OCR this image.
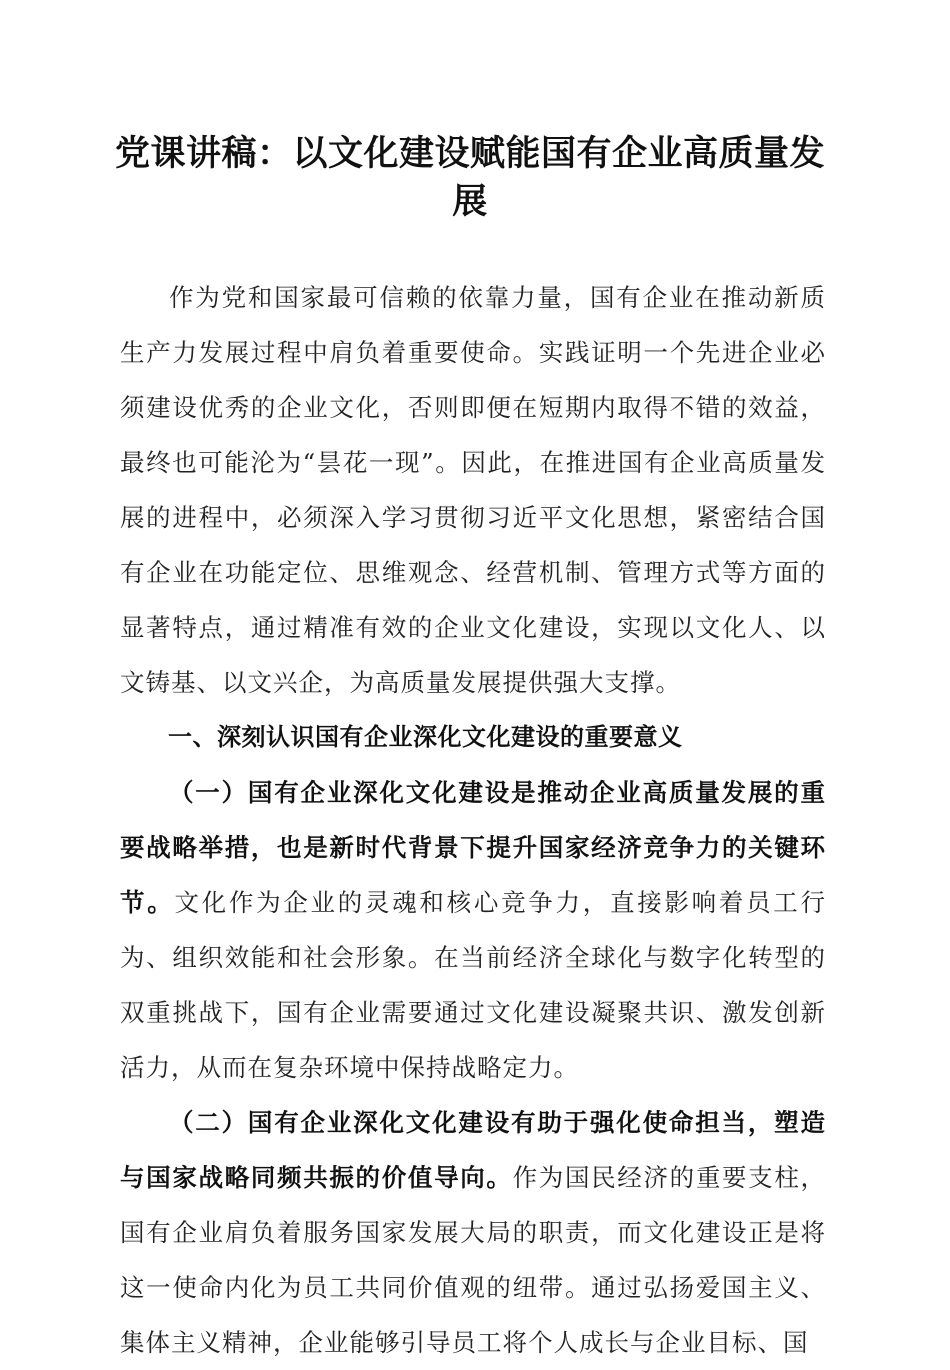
党课讲稿：以文化建设赋能国有企业高质量发展

作为党和国家最可信赖的依靠力量，国有企业在推动新质生产力发展过程中肩负着重要使命。实践证明一个先进企业必须建设优秀的企业文化，否则即便在短期内取得不错的效益，最终也可能沦为“昙花一现”。因此，在推进国有企业高质量发展的进程中，必须深入学习贯彻习近平文化思想，紧密结合国有企业在功能定位、思维观念、经营机制、管理方式等方面的显著特点，通过精准有效的企业文化建设，实现以文化人、以文铸基、以文兴企，为高质量发展提供强大支撑。

一、深刻认识国有企业深化文化建设的重要意义

（一）国有企业深化文化建设是推动企业高质量发展的重要战略举措，也是新时代背景下提升国家经济竞争力的关键环节。文化作为企业的灵魂和核心竞争力，直接影响着员工行为、组织效能和社会形象。在当前经济全球化与数字化转型的双重挑战下，国有企业需要通过文化建设凝聚共识、激发创新活力，从而在复杂环境中保持战略定力。

（二）国有企业深化文化建设有助于强化使命担当，塑造与国家战略同频共振的价值导向。作为国民经济的重要支柱，国有企业肩负着服务国家发展大局的职责，而文化建设正是将这一使命内化为员工共同价值观的纽带。通过弘扬爱国主义、集体主义精神，企业能够引导员工将个人成长与企业目标、国
